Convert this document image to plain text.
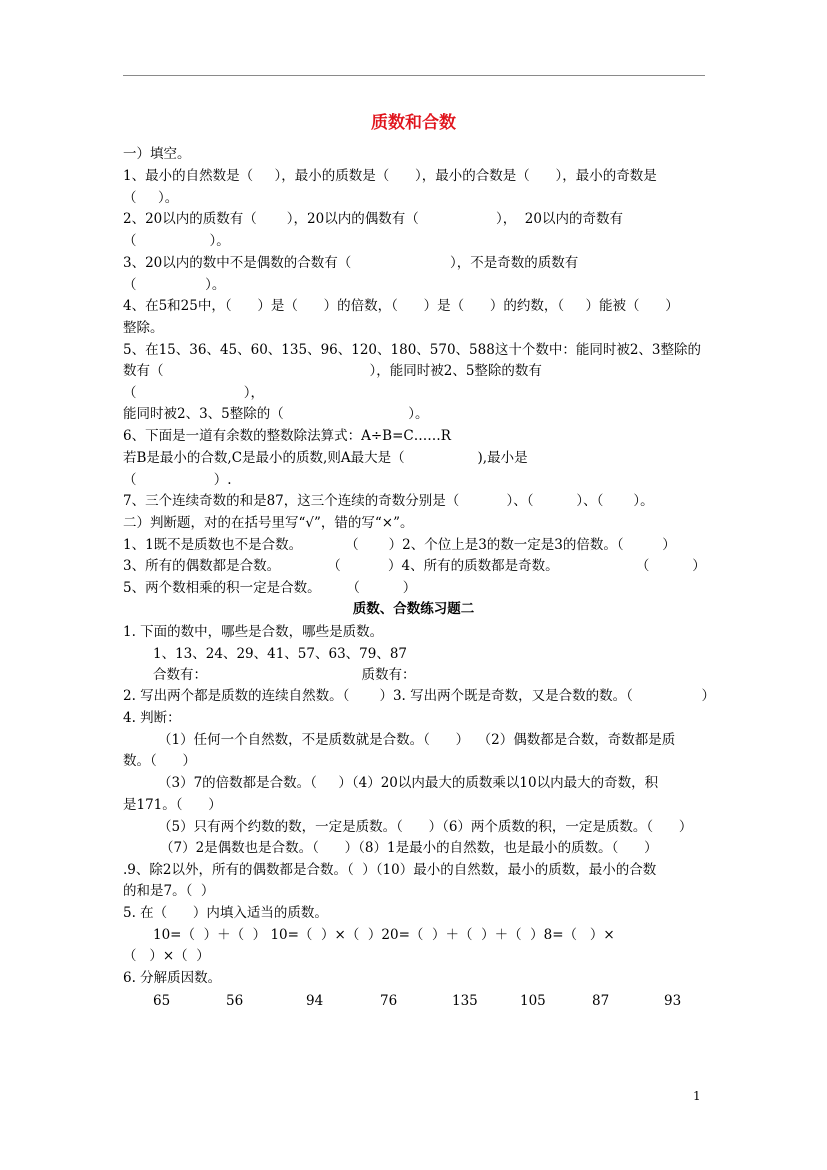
质数和合数
一）填空。
1、最小的自然数是（     ），最小的质数是（      ），最小的合数是（      ），最小的奇数是
（     ）。
2、20以内的质数有（       ），20以内的偶数有（                  ），  20以内的奇数有
（                 ）。
3、20以内的数中不是偶数的合数有（                       ），不是奇数的质数有
（                ）。
4、在5和25中，（      ）是（      ）的倍数，（      ）是（      ）的约数，（     ）能被（      ）
整除。
5、在15、36、45、60、135、96、120、180、570、588这十个数中：能同时被2、3整除的
数有（                                                ），能同时被2、5整除的数有
（                         ），
能同时被2、3、5整除的（                             ）。
6、下面是一道有余数的整数除法算式：A÷B=C……R
若B是最小的合数,C是最小的质数,则A最大是（                 ),最小是
（                  ）.
7、三个连续奇数的和是87，这三个连续的奇数分别是（           ）、（          ）、（       ）。
二）判断题，对的在括号里写“√”，错的写“×”。
1、1既不是质数也不是合数。          （       ）2、个位上是3的数一定是3的倍数。（         ）
3、所有的偶数都是合数。           （           ）4、所有的质数都是奇数。                  （          ）
5、两个数相乘的积一定是合数。      （          ）
质数、合数练习题二
1. 下面的数中，哪些是合数，哪些是质数。
1、13、24、29、41、57、63、79、87
合数有：                                    质数有：
2. 写出两个都是质数的连续自然数。（       ）3. 写出两个既是奇数，又是合数的数。（                ）
4. 判断：
（1）任何一个自然数，不是质数就是合数。（      ）  （2）偶数都是合数，奇数都是质
数。（      ）
（3）7的倍数都是合数。（     ）（4）20以内最大的质数乘以10以内最大的奇数，积
是171。（      ）
（5）只有两个约数的数，一定是质数。（      ）（6）两个质数的积，一定是质数。（      ）
（7）2是偶数也是合数。（      ）（8）1是最小的自然数，也是最小的质数。（      ）
.9、除2以外，所有的偶数都是合数。（  ）（10）最小的自然数，最小的质数，最小的合数
的和是7。（  ）
5. 在（      ）内填入适当的质数。
10=（  ）＋（  ） 10=（  ）×（  ）20=（  ）＋（  ）＋（  ）8=（   ）×
（   ）×（  ）
6. 分解质因数。
65	56	94	76	135	105	87	93
1
